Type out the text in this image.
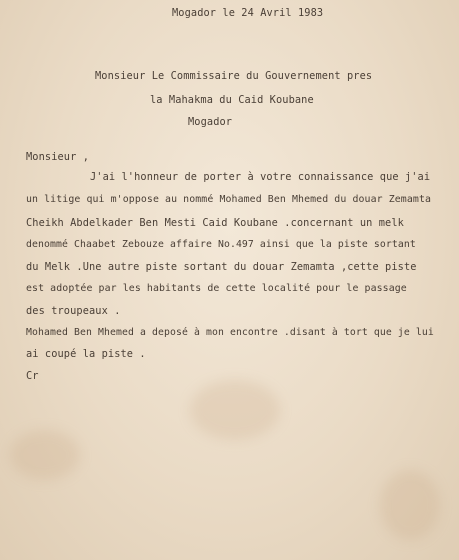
Mogador le 24 Avril 1983
Monsieur Le Commissaire du Gouvernement pres
la Mahakma du Caid Koubane
Mogador
Monsieur ,
J'ai l'honneur de porter à votre connaissance que j'ai
un litige qui m'oppose au nommé Mohamed Ben Mhemed du douar Zemamta
Cheikh Abdelkader Ben Mesti Caid Koubane .concernant un melk
denommé Chaabet Zebouze affaire No.497 ainsi que la piste sortant
du Melk .Une autre piste sortant du douar Zemamta ,cette piste
est adoptée par les habitants de cette localité pour le passage
des troupeaux .
Mohamed Ben Mhemed a deposé à mon encontre .disant à tort que je lui
ai coupé la piste .
Cr
